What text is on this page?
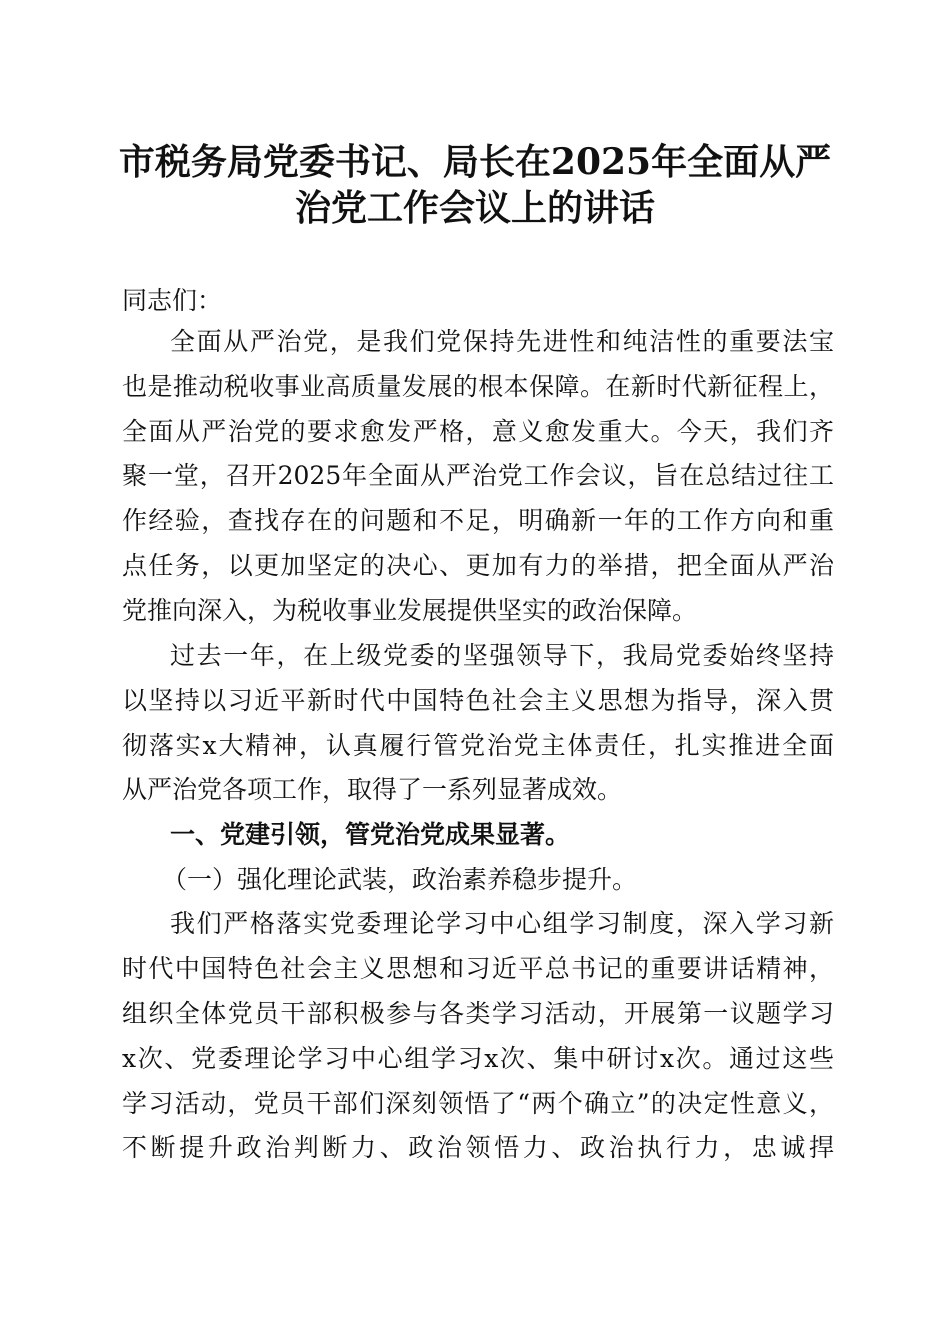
市税务局党委书记、局长在2025年全面从严
治党工作会议上的讲话
同志们：
全面从严治党，是我们党保持先进性和纯洁性的重要法宝
也是推动税收事业高质量发展的根本保障。在新时代新征程上，
全面从严治党的要求愈发严格，意义愈发重大。今天，我们齐
聚一堂，召开2025年全面从严治党工作会议，旨在总结过往工
作经验，查找存在的问题和不足，明确新一年的工作方向和重
点任务，以更加坚定的决心、更加有力的举措，把全面从严治
党推向深入，为税收事业发展提供坚实的政治保障。
过去一年，在上级党委的坚强领导下，我局党委始终坚持
以坚持以习近平新时代中国特色社会主义思想为指导，深入贯
彻落实x大精神，认真履行管党治党主体责任，扎实推进全面
从严治党各项工作，取得了一系列显著成效。
一、党建引领，管党治党成果显著。
（一）强化理论武装，政治素养稳步提升。
我们严格落实党委理论学习中心组学习制度，深入学习新
时代中国特色社会主义思想和习近平总书记的重要讲话精神，
组织全体党员干部积极参与各类学习活动，开展第一议题学习
x次、党委理论学习中心组学习x次、集中研讨x次。通过这些
学习活动，党员干部们深刻领悟了“两个确立”的决定性意义，
不断提升政治判断力、政治领悟力、政治执行力，忠诚捍
